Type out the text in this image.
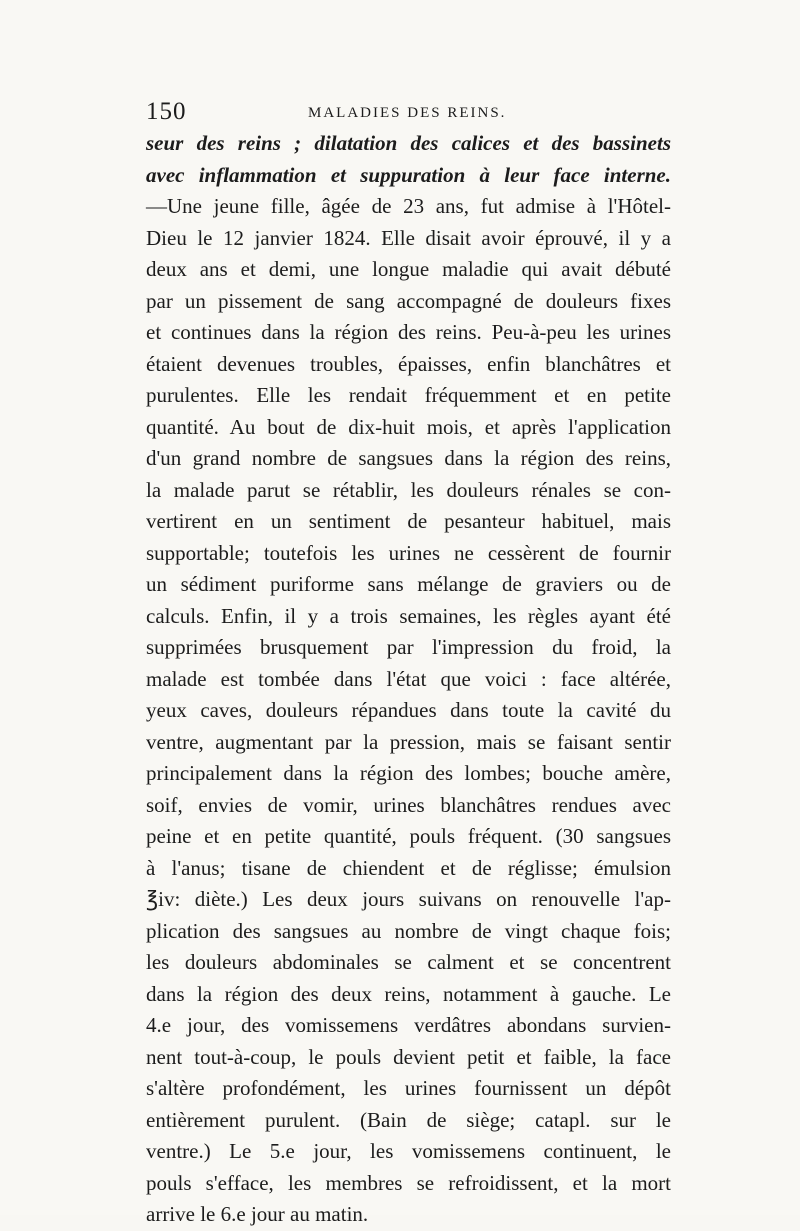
150	MALADIES DES REINS.
seur des reins ; dilatation des calices et des bassinets
avec inflammation et suppuration à leur face interne.
—Une jeune fille, âgée de 23 ans, fut admise à l'Hôtel-
Dieu le 12 janvier 1824. Elle disait avoir éprouvé, il y a
deux ans et demi, une longue maladie qui avait débuté
par un pissement de sang accompagné de douleurs fixes
et continues dans la région des reins. Peu-à-peu les urines
étaient devenues troubles, épaisses, enfin blanchâtres et
purulentes. Elle les rendait fréquemment et en petite
quantité. Au bout de dix-huit mois, et après l'application
d'un grand nombre de sangsues dans la région des reins,
la malade parut se rétablir, les douleurs rénales se con-
vertirent en un sentiment de pesanteur habituel, mais
supportable; toutefois les urines ne cessèrent de fournir
un sédiment puriforme sans mélange de graviers ou de
calculs. Enfin, il y a trois semaines, les règles ayant été
supprimées brusquement par l'impression du froid, la
malade est tombée dans l'état que voici : face altérée,
yeux caves, douleurs répandues dans toute la cavité du
ventre, augmentant par la pression, mais se faisant sentir
principalement dans la région des lombes; bouche amère,
soif, envies de vomir, urines blanchâtres rendues avec
peine et en petite quantité, pouls fréquent. (30 sangsues
à l'anus; tisane de chiendent et de réglisse; émulsion
℥iv: diète.) Les deux jours suivans on renouvelle l'ap-
plication des sangsues au nombre de vingt chaque fois;
les douleurs abdominales se calment et se concentrent
dans la région des deux reins, notamment à gauche. Le
4.e jour, des vomissemens verdâtres abondans survien-
nent tout-à-coup, le pouls devient petit et faible, la face
s'altère profondément, les urines fournissent un dépôt
entièrement purulent. (Bain de siège; catapl. sur le
ventre.) Le 5.e jour, les vomissemens continuent, le
pouls s'efface, les membres se refroidissent, et la mort
arrive le 6.e jour au matin.
